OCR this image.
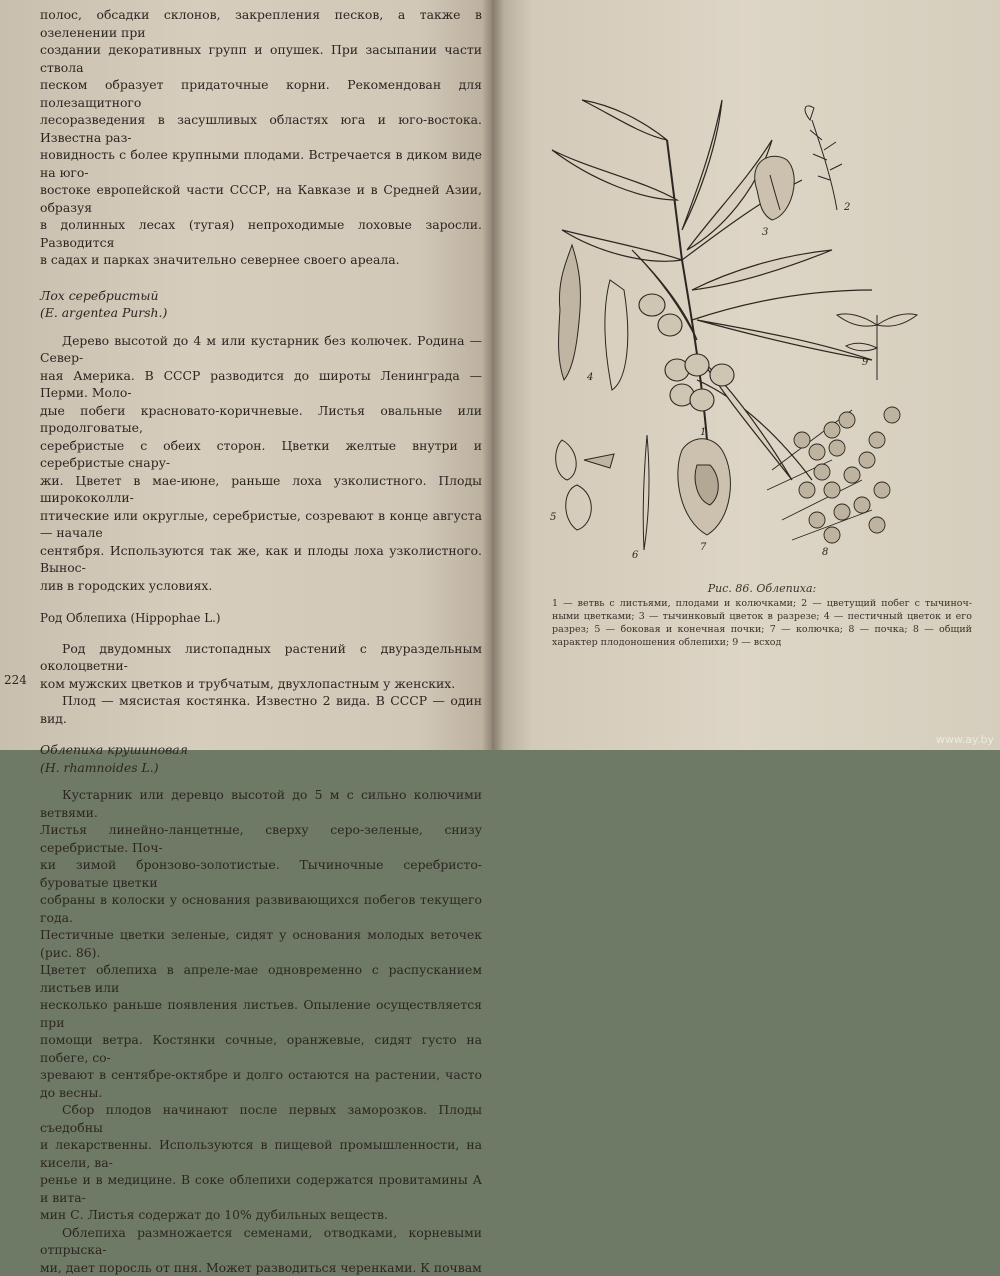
полос, обсадки склонов, закрепления песков, а также в озеленении при

создании декоративных групп и опушек. При засыпании части ствола

песком образует придаточные корни. Рекомендован для полезащитного

лесоразведения в засушливых областях юга и юго-востока. Известна раз-

новидность с более крупными плодами. Встречается в диком виде на юго-

востоке европейской части СССР, на Кавказе и в Средней Азии, образуя

в долинных лесах (тугая) непроходимые лоховые заросли. Разводится

в садах и парках значительно севернее своего ареала.

Лох серебристый

(E. argentea Pursh.)

Дерево высотой до 4 м или кустарник без колючек. Родина — Север-

ная Америка. В СССР разводится до широты Ленинграда — Перми. Моло-

дые побеги красновато-коричневые. Листья овальные или продолговатые,

серебристые с обеих сторон. Цветки желтые внутри и серебристые снару-

жи. Цветет в мае-июне, раньше лоха узколистного. Плоды ширококолли-

птические или округлые, серебристые, созревают в конце августа — начале

сентября. Используются так же, как и плоды лоха узколистного. Вынос-

лив в городских условиях.

Род Облепиха (Hippophae L.)

Род двудомных листопадных растений с двураздельным околоцветни-

ком мужских цветков и трубчатым, двухлопастным у женских.

Плод — мясистая костянка. Известно 2 вида. В СССР — один вид.

Облепиха крушиновая

(H. rhamnoides L.)

Кустарник или деревцо высотой до 5 м с сильно колючими ветвями.

Листья линейно-ланцетные, сверху серо-зеленые, снизу серебристые. Поч-

ки зимой бронзово-золотистые. Тычиночные серебристо-буроватые цветки

собраны в колоски у основания развивающихся побегов текущего года.

Пестичные цветки зеленые, сидят у основания молодых веточек (рис. 86).

Цветет облепиха в апреле-мае одновременно с распусканием листьев или

несколько раньше появления листьев. Опыление осуществляется при

помощи ветра. Костянки сочные, оранжевые, сидят густо на побеге, со-

зревают в сентябре-октябре и долго остаются на растении, часто до весны.

Сбор плодов начинают после первых заморозков. Плоды съедобны

и лекарственны. Используются в пищевой промышленности, на кисели, ва-

ренье и в медицине. В соке облепихи содержатся провитамины А и вита-

мин С. Листья содержат до 10% дубильных веществ.

Облепиха размножается семенами, отводками, корневыми отпрыска-

ми, дает поросль от пня. Может разводиться черенками. К почвам

224
1
2
3
4
5
6
7	8
9
Рис. 86. Облепиха:

1 — ветвь с листьями, плодами и колючками; 2 — цветущий побег с тычиноч-ными цветками; 3 — тычинковый цветок в разрезе; 4 — пестичный цветок и его разрез; 5 — боковая и конечная почки; 7 — колючка; 8 — почка; 8 — общий характер плодоношения облепихи; 9 — всход

www.ay.by
